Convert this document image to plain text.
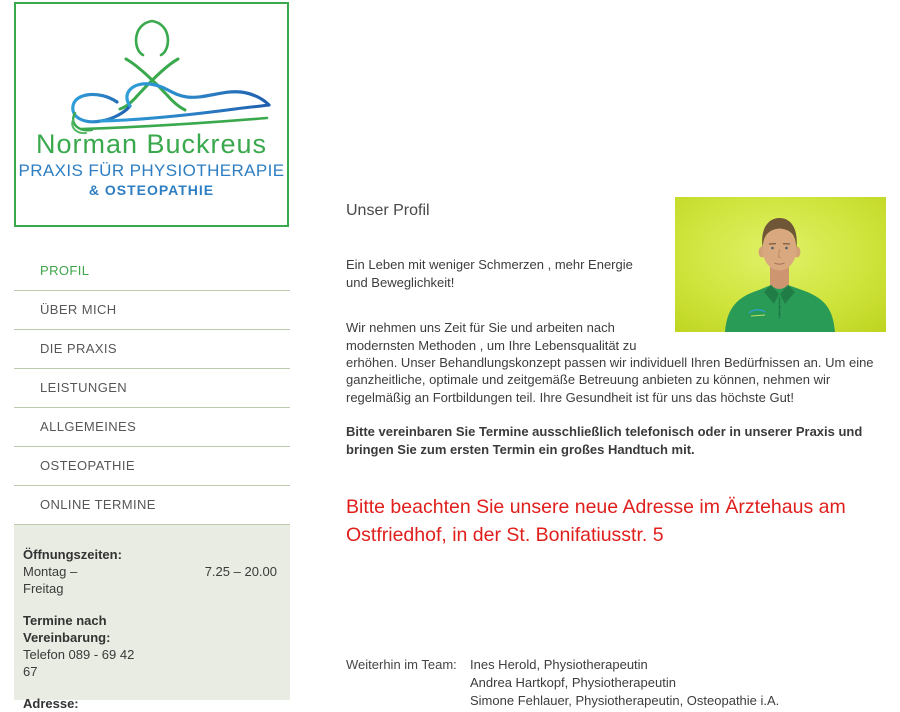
Norman Buckreus
PRAXIS FÜR PHYSIOTHERAPIE
& OSTEOPATHIE
PROFIL
ÜBER MICH
DIE PRAXIS
LEISTUNGEN
ALLGEMEINES
OSTEOPATHIE
ONLINE TERMINE
Öffnungszeiten:
Montag –	7.25 – 20.00
Freitag
Termine nach
Vereinbarung:
Telefon 089 - 69 42
67
Adresse:
Unser Profil

Ein Leben mit weniger Schmerzen , mehr Energie und Beweglichkeit!

Wir nehmen uns Zeit für Sie und arbeiten nach modernsten Methoden , um Ihre Lebensqualität zu erhöhen. Unser Behandlungskonzept passen wir individuell Ihren Bedürfnissen an. Um eine ganzheitliche, optimale und zeitgemäße Betreuung anbieten zu können, nehmen wir regelmäßig an Fortbildungen teil. Ihre Gesundheit ist für uns das höchste Gut!

Bitte vereinbaren Sie Termine ausschließlich telefonisch oder in unserer Praxis und bringen Sie zum ersten Termin ein großes Handtuch mit.

Bitte beachten Sie unsere neue Adresse im Ärztehaus am Ostfriedhof, in der St. Bonifatiusstr. 5
Weiterhin im Team:	Ines Herold, Physiotherapeutin
Andrea Hartkopf, Physiotherapeutin
Simone Fehlauer, Physiotherapeutin, Osteopathie i.A.
